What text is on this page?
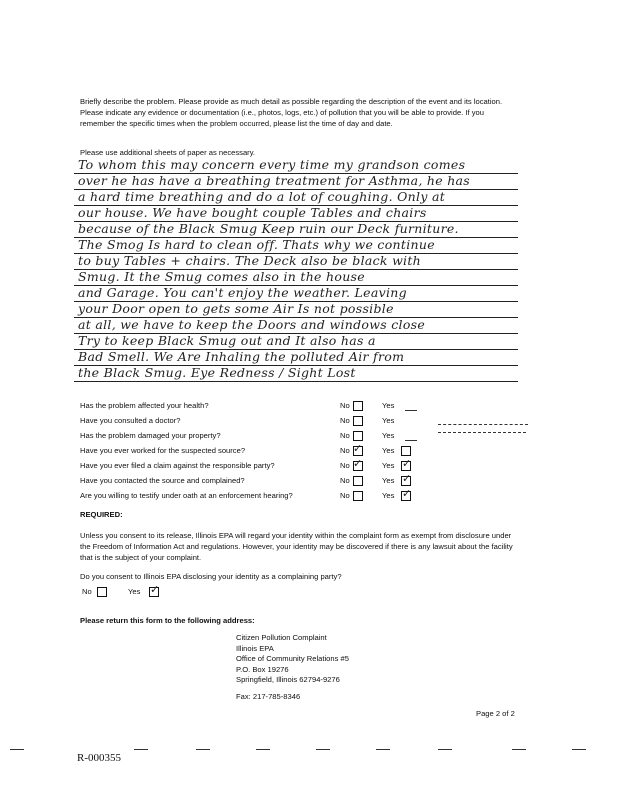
Briefly describe the problem. Please provide as much detail as possible regarding the description of the event and its location. Please indicate any evidence or documentation (i.e., photos, logs, etc.) of pollution that you will be able to provide. If you remember the specific times when the problem occurred, please list the time of day and date.
Please use additional sheets of paper as necessary.
To whom this may concern every time my grandson comes
over he has have a breathing treatment for Asthma, he has
a hard time breathing and do a lot of coughing. Only at
our house. We have bought couple Tables and chairs
because of the Black Smug Keep ruin our Deck furniture.
The Smog Is hard to clean off. Thats why we continue
to buy Tables + chairs. The Deck also be black with
Smug. It the Smug comes also in the house
and Garage. You can't enjoy the weather. Leaving
your Door open to gets some Air Is not possible
at all, we have to keep the Doors and windows close
Try to keep Black Smug out and It also has a
Bad Smell. We Are Inhaling the polluted Air from
the Black Smug. Eye Redness / Sight Lost
Has the problem affected your health?	No	Yes
Have you consulted a doctor?	No	Yes
Has the problem damaged your property?	No	Yes
Have you ever worked for the suspected source?	No ✓	Yes
Have you ever filed a claim against the responsible party?	No ✓	Yes ✓
Have you contacted the source and complained?	No	Yes ✓
Are you willing to testify under oath at an enforcement hearing?	No	Yes ✓
REQUIRED:
Unless you consent to its release, Illinois EPA will regard your identity within the complaint form as exempt from disclosure under the Freedom of Information Act and regulations. However, your identity may be discovered if there is any lawsuit about the facility that is the subject of your complaint.
Do you consent to Illinois EPA disclosing your identity as a complaining party?
No	Yes ✓
Please return this form to the following address:
Citizen Pollution Complaint
Illinois EPA
Office of Community Relations #5
P.O. Box 19276
Springfield, Illinois 62794-9276
Fax: 217-785-8346
Page 2 of 2
R-000355
